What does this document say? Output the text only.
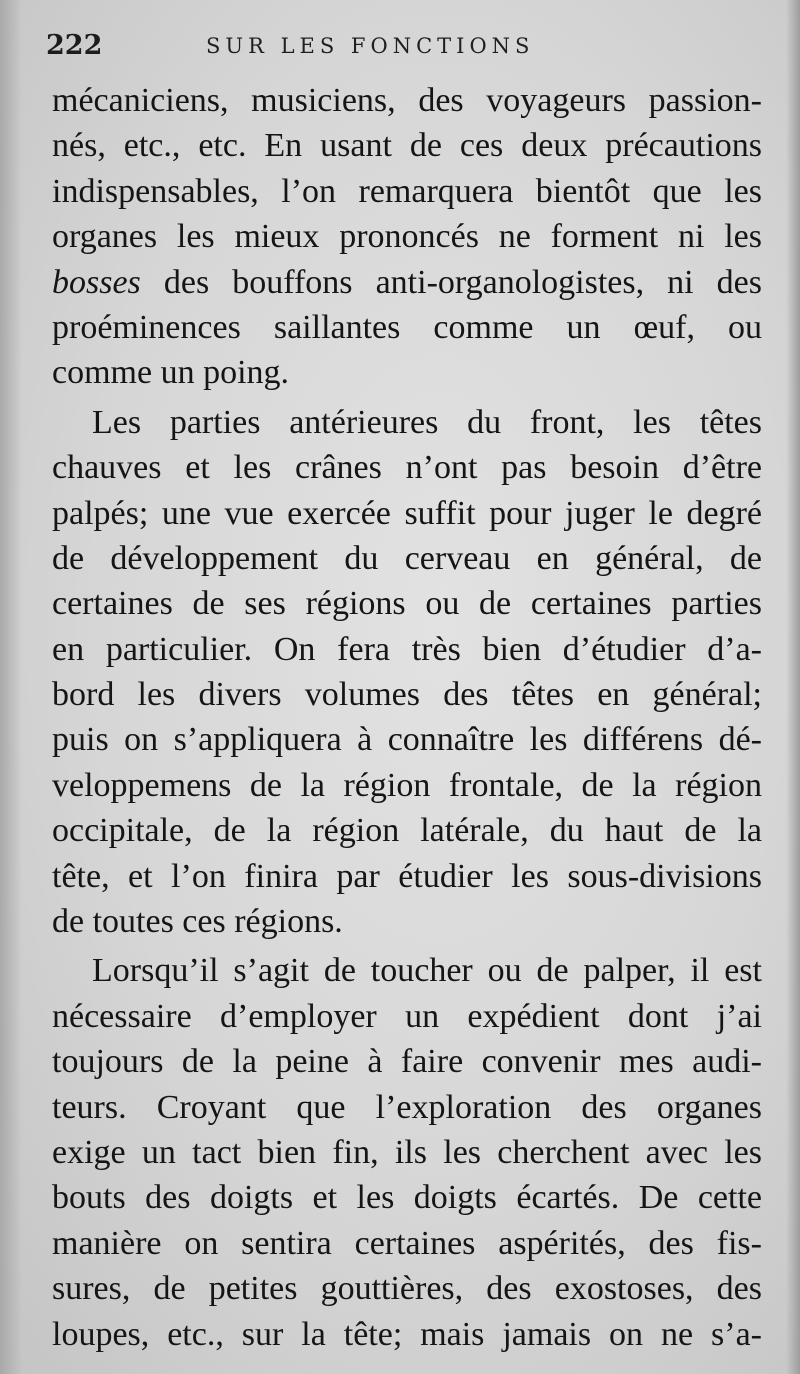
222	SUR LES FONCTIONS
mécaniciens, musiciens, des voyageurs passion-
nés, etc., etc. En usant de ces deux précautions
indispensables, l’on remarquera bientôt que les
organes les mieux prononcés ne forment ni les
bosses des bouffons anti-organologistes, ni des
proéminences saillantes comme un œuf, ou
comme un poing.
Les parties antérieures du front, les têtes
chauves et les crânes n’ont pas besoin d’être
palpés; une vue exercée suffit pour juger le degré
de développement du cerveau en général, de
certaines de ses régions ou de certaines parties
en particulier. On fera très bien d’étudier d’a-
bord les divers volumes des têtes en général;
puis on s’appliquera à connaître les différens dé-
veloppemens de la région frontale, de la région
occipitale, de la région latérale, du haut de la
tête, et l’on finira par étudier les sous-divisions
de toutes ces régions.
Lorsqu’il s’agit de toucher ou de palper, il est
nécessaire d’employer un expédient dont j’ai
toujours de la peine à faire convenir mes audi-
teurs. Croyant que l’exploration des organes
exige un tact bien fin, ils les cherchent avec les
bouts des doigts et les doigts écartés. De cette
manière on sentira certaines aspérités, des fis-
sures, de petites gouttières, des exostoses, des
loupes, etc., sur la tête; mais jamais on ne s’a-
